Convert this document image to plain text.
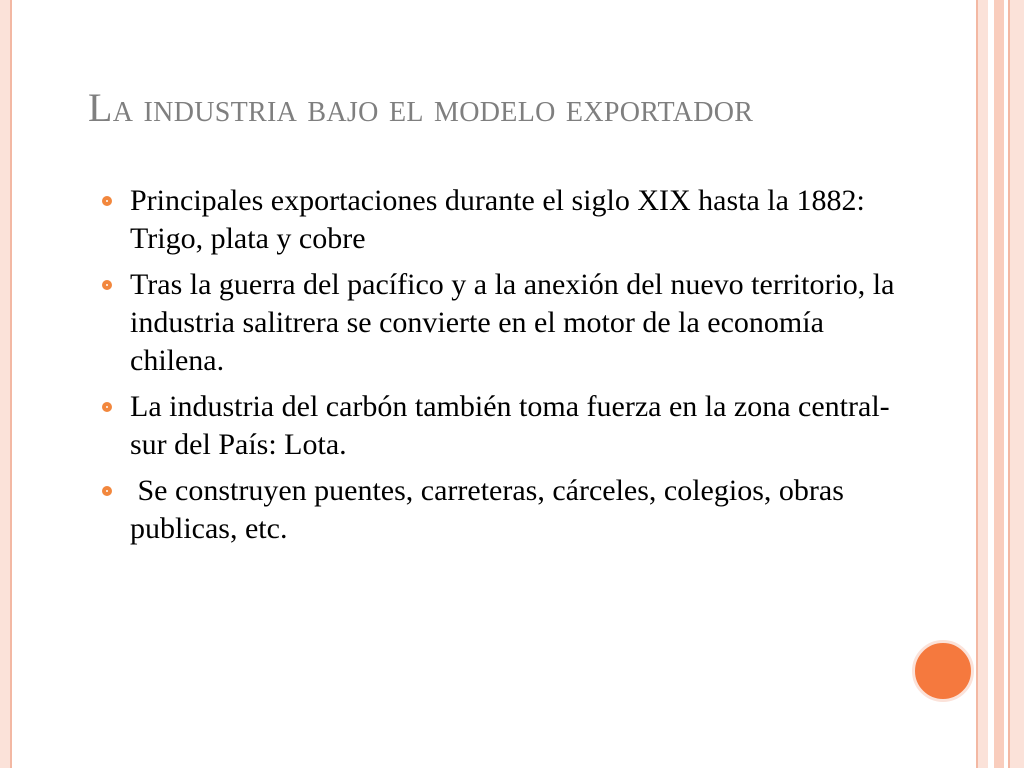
La industria bajo el modelo exportador
Principales exportaciones durante el siglo XIX hasta la 1882: Trigo, plata y cobre
Tras la guerra del pacífico y a la anexión del nuevo territorio, la industria salitrera se convierte en el motor de la economía chilena.
La industria del carbón también toma fuerza en la zona central- sur del País: Lota.
Se construyen puentes, carreteras, cárceles, colegios, obras publicas, etc.
